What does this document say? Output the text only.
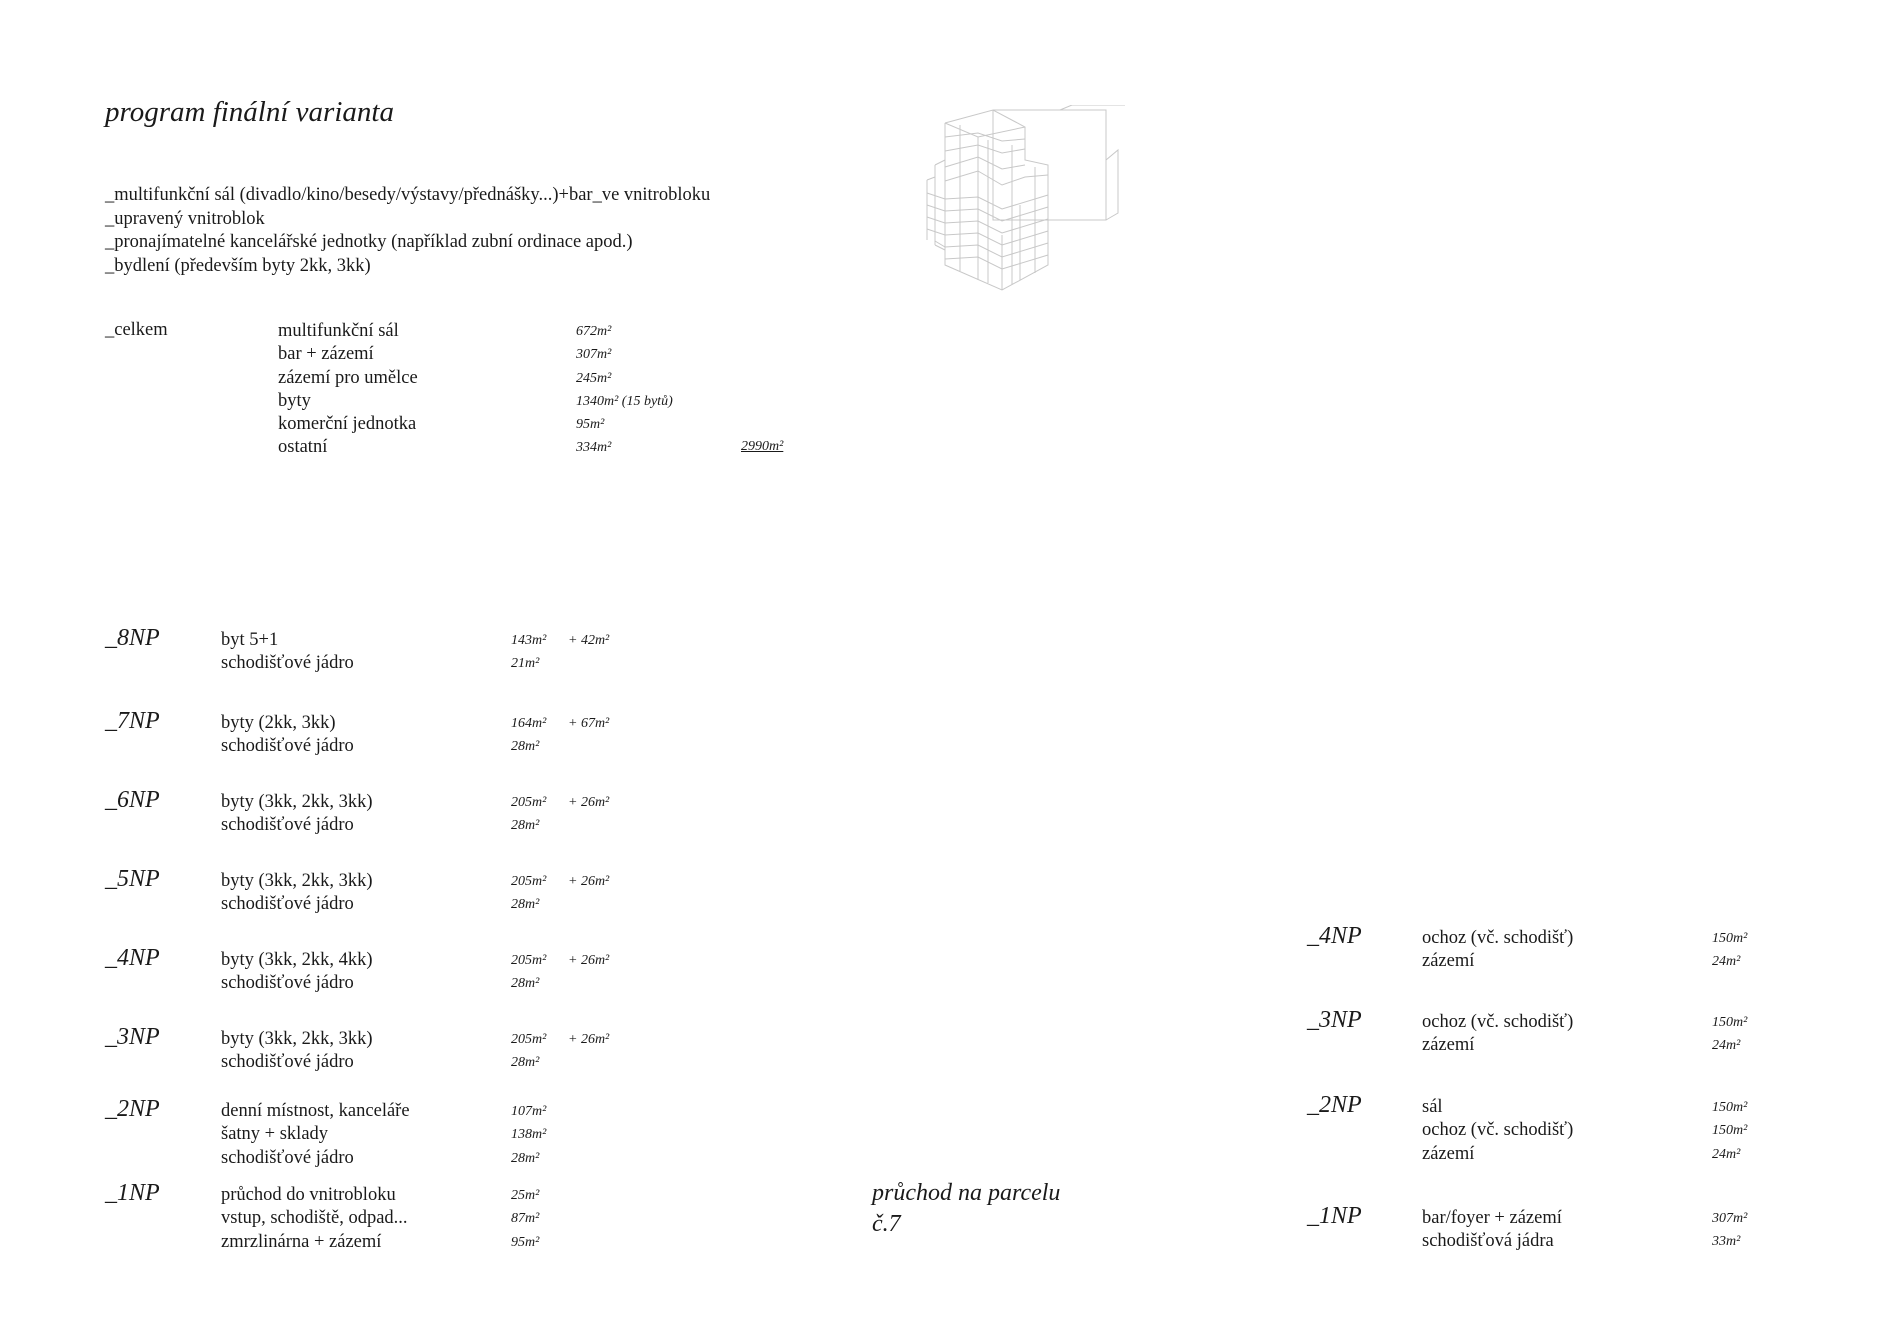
program finální varianta
_multifunkční sál (divadlo/kino/besedy/výstavy/přednášky...)+bar_ve vnitrobloku
_upravený vnitroblok
_pronajímatelné kancelářské jednotky (například zubní ordinace apod.)
_bydlení (především byty 2kk, 3kk)
_celkem	multifunkční sál	672m²
bar + zázemí	307m²
zázemí pro umělce	245m²
byty	1340m² (15 bytů)
komerční jednotka	95m²
ostatní	334m²	2990m²
_8NP	byt 5+1	143m² + 42m²
schodišťové jádro	21m²
_7NP	byty (2kk, 3kk)	164m² + 67m²
schodišťové jádro	28m²
_6NP	byty (3kk, 2kk, 3kk)	205m² + 26m²
schodišťové jádro	28m²
_5NP	byty (3kk, 2kk, 3kk)	205m² + 26m²
schodišťové jádro	28m²
_4NP	byty (3kk, 2kk, 4kk)	205m² + 26m²
schodišťové jádro	28m²
_3NP	byty (3kk, 2kk, 3kk)	205m² + 26m²
schodišťové jádro	28m²
_2NP	denní místnost, kanceláře	107m²
šatny + sklady	138m²
schodišťové jádro	28m²
_1NP	průchod do vnitrobloku	25m²
vstup, schodiště, odpad...	87m²
zmrzlinárna + zázemí	95m²
průchod na parcelu č.7
_4NP	ochoz (vč. schodišť)	150m²
zázemí	24m²
_3NP	ochoz (vč. schodišť)	150m²
zázemí	24m²
_2NP	sál	150m²
ochoz (vč. schodišť)	150m²
zázemí	24m²
_1NP	bar/foyer + zázemí	307m²
schodišťová jádra	33m²
